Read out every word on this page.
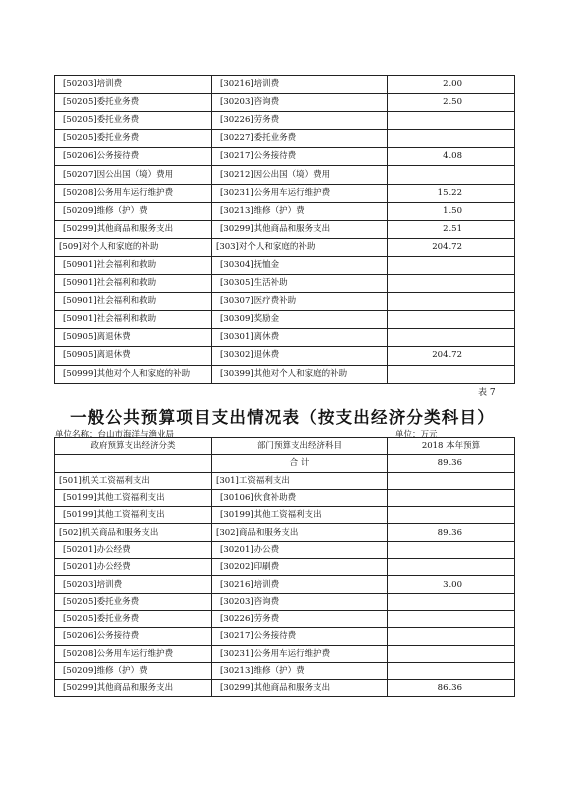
[50203]培训费	[30216]培训费	2.00
[50205]委托业务费	[30203]咨询费	2.50
[50205]委托业务费	[30226]劳务费	
[50205]委托业务费	[30227]委托业务费	
[50206]公务接待费	[30217]公务接待费	4.08
[50207]因公出国（境）费用	[30212]因公出国（境）费用	
[50208]公务用车运行维护费	[30231]公务用车运行维护费	15.22
[50209]维修（护）费	[30213]维修（护）费	1.50
[50299]其他商品和服务支出	[30299]其他商品和服务支出	2.51
[509]对个人和家庭的补助	[303]对个人和家庭的补助	204.72
[50901]社会福利和救助	[30304]抚恤金	
[50901]社会福利和救助	[30305]生活补助	
[50901]社会福利和救助	[30307]医疗费补助	
[50901]社会福利和救助	[30309]奖励金	
[50905]离退休费	[30301]离休费	
[50905]离退休费	[30302]退休费	204.72
[50999]其他对个人和家庭的补助	[30399]其他对个人和家庭的补助	
表 7
一般公共预算项目支出情况表（按支出经济分类科目）
单位名称：台山市海洋与渔业局	单位：万元
政府预算支出经济分类	部门预算支出经济科目	2018 本年预算
	合 计	89.36
[501]机关工资福利支出	[301]工资福利支出	
[50199]其他工资福利支出	[30106]伙食补助费	
[50199]其他工资福利支出	[30199]其他工资福利支出	
[502]机关商品和服务支出	[302]商品和服务支出	89.36
[50201]办公经费	[30201]办公费	
[50201]办公经费	[30202]印刷费	
[50203]培训费	[30216]培训费	3.00
[50205]委托业务费	[30203]咨询费	
[50205]委托业务费	[30226]劳务费	
[50206]公务接待费	[30217]公务接待费	
[50208]公务用车运行维护费	[30231]公务用车运行维护费	
[50209]维修（护）费	[30213]维修（护）费	
[50299]其他商品和服务支出	[30299]其他商品和服务支出	86.36
